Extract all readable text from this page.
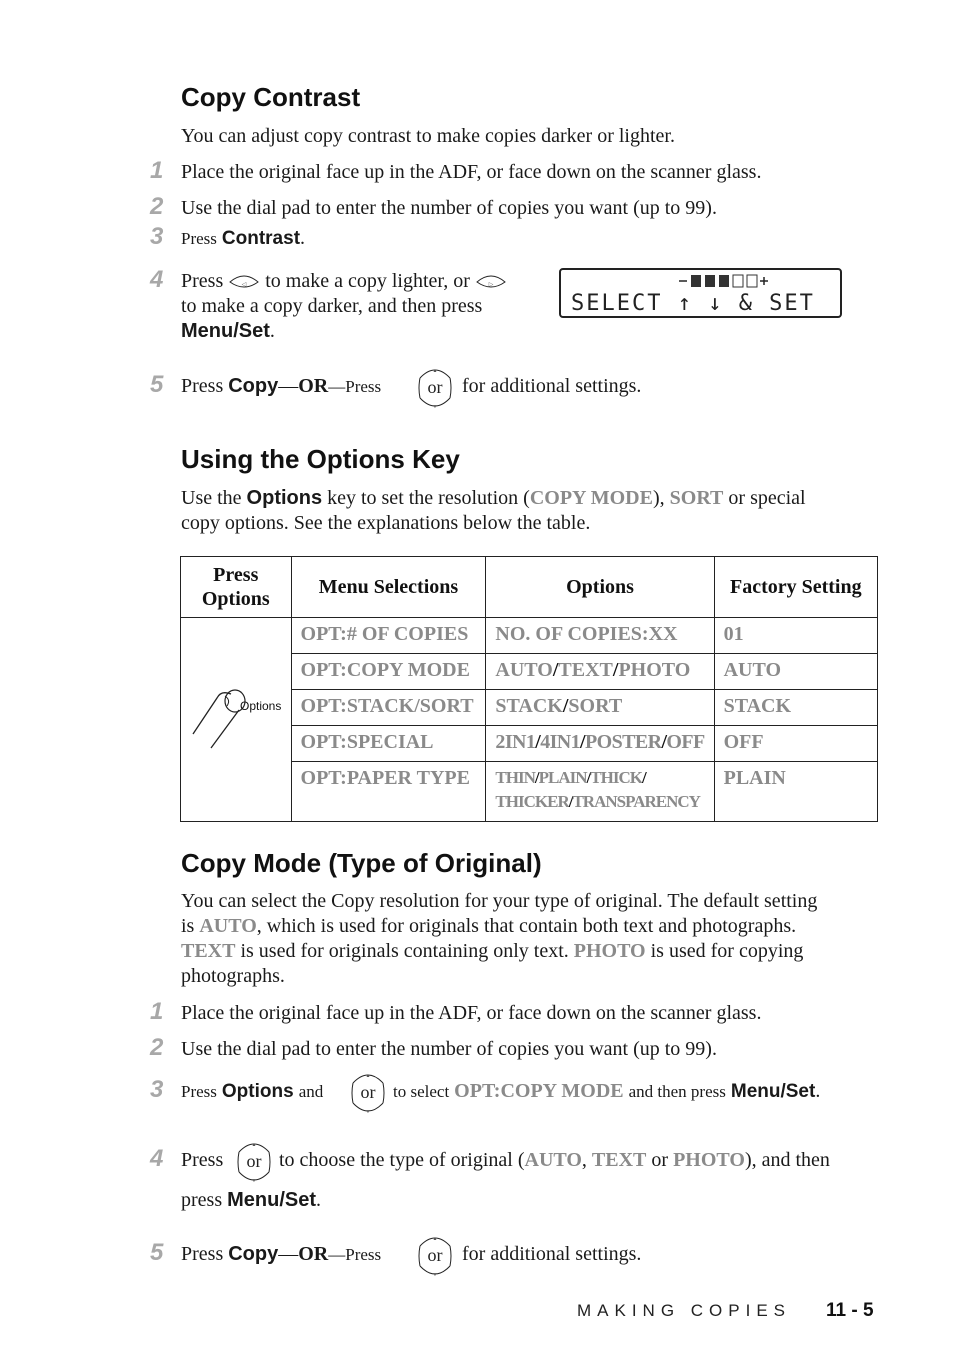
Copy Contrast
You can adjust copy contrast to make copies darker or lighter.
1 Place the original face up in the ADF, or face down on the scanner glass.
2 Use the dial pad to enter the number of copies you want (up to 99).
3 Press Contrast.
4 Press	◁ to make a copy lighter, or	▷
to make a copy darker, and then press
Menu/Set.
SELECT ↑ ↓ & SET
5 Press Copy—OR—Press
▲
▼
or for additional settings.
Using the Options Key
Use the Options key to set the resolution (COPY MODE), SORT or special
copy options. See the explanations below the table.
Press Options	Menu Selections	Options	Factory Setting

Options	OPT:# OF COPIES	NO. OF COPIES:XX	01
	OPT:COPY MODE	AUTO/TEXT/PHOTO	AUTO
	OPT:STACK/SORT	STACK/SORT	STACK
	OPT:SPECIAL	2IN1/4IN1/POSTER/OFF	OFF
	OPT:PAPER TYPE	THIN/PLAIN/THICK/
THICKER/TRANSPARENCY	PLAIN
Copy Mode (Type of Original)
You can select the Copy resolution for your type of original. The default setting
is AUTO, which is used for originals that contain both text and photographs.
TEXT is used for originals containing only text. PHOTO is used for copying
photographs.
1 Place the original face up in the ADF, or face down on the scanner glass.
2 Use the dial pad to enter the number of copies you want (up to 99).
3 Press Options and
▲
▼
or to select OPT:COPY MODE and then press Menu/Set.
4 Press
▲
▼
or to choose the type of original (AUTO, TEXT or PHOTO), and then
press Menu/Set.
5 Press Copy—OR—Press
▲
▼
or for additional settings.
MAKING COPIES 11 - 5
